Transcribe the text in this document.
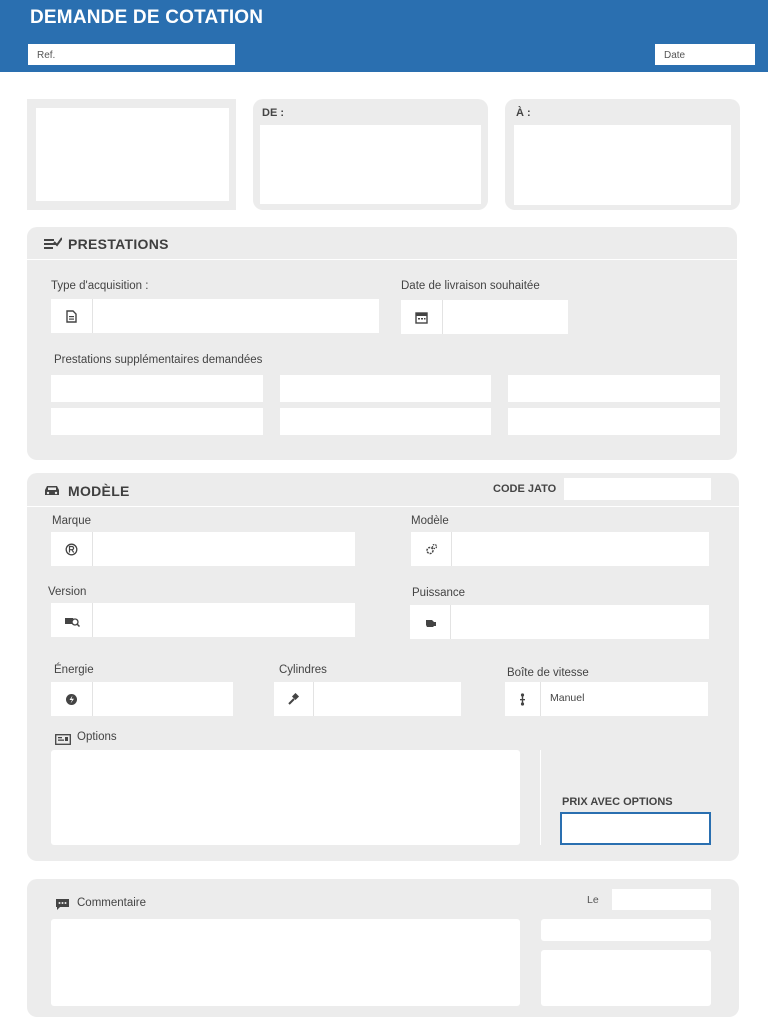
DEMANDE DE COTATION
Ref.	Date
DE :	À :
PRESTATIONS
Type d'acquisition :	Date de livraison souhaitée
Prestations supplémentaires demandées
MODÈLE	CODE JATO
Marque	Modèle
Version	Puissance
Énergie	Cylindres	Boîte de vitesse
Manuel
Options
PRIX AVEC OPTIONS
Commentaire	Le
